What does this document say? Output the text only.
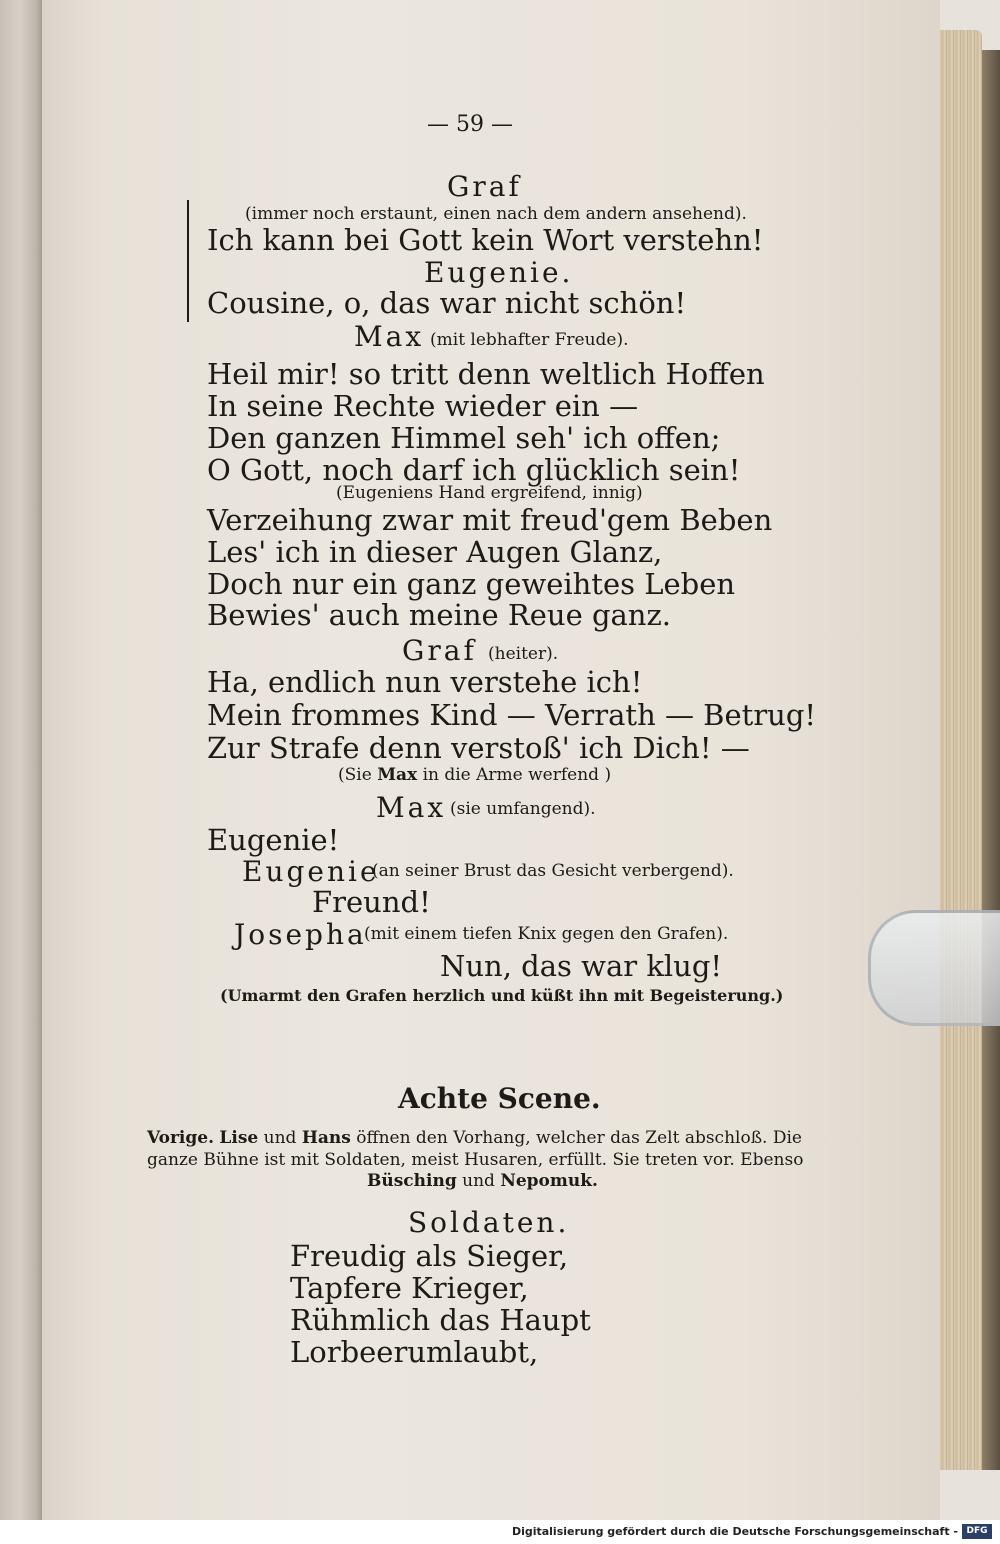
— 59 —
Graf
(immer noch erstaunt, einen nach dem andern ansehend).
Ich kann bei Gott kein Wort verstehn!
Eugenie.
Cousine, o, das war nicht schön!
Max (mit lebhafter Freude).
Heil mir! so tritt denn weltlich Hoffen
In seine Rechte wieder ein —
Den ganzen Himmel seh' ich offen;
O Gott, noch darf ich glücklich sein!
(Eugeniens Hand ergreifend, innig)
Verzeihung zwar mit freud'gem Beben
Les' ich in dieser Augen Glanz,
Doch nur ein ganz geweihtes Leben
Bewies' auch meine Reue ganz.
Graf (heiter).
Ha, endlich nun verstehe ich!
Mein frommes Kind — Verrath — Betrug!
Zur Strafe denn verstoß' ich Dich! —
(Sie Max in die Arme werfend )
Max (sie umfangend).
Eugenie!
Eugenie
(an seiner Brust das Gesicht verbergend).
Freund!
Josepha
(mit einem tiefen Knix gegen den Grafen).
Nun, das war klug!
(Umarmt den Grafen herzlich und küßt ihn mit Begeisterung.)
Achte Scene.
Vorige. Lise und Hans öffnen den Vorhang, welcher das Zelt abschloß. Die
ganze Bühne ist mit Soldaten, meist Husaren, erfüllt. Sie treten vor. Ebenso
Büsching und Nepomuk.
Soldaten.
Freudig als Sieger,
Tapfere Krieger,
Rühmlich das Haupt
Lorbeerumlaubt,
Digitalisierung gefördert durch die Deutsche Forschungsgemeinschaft - DFG
